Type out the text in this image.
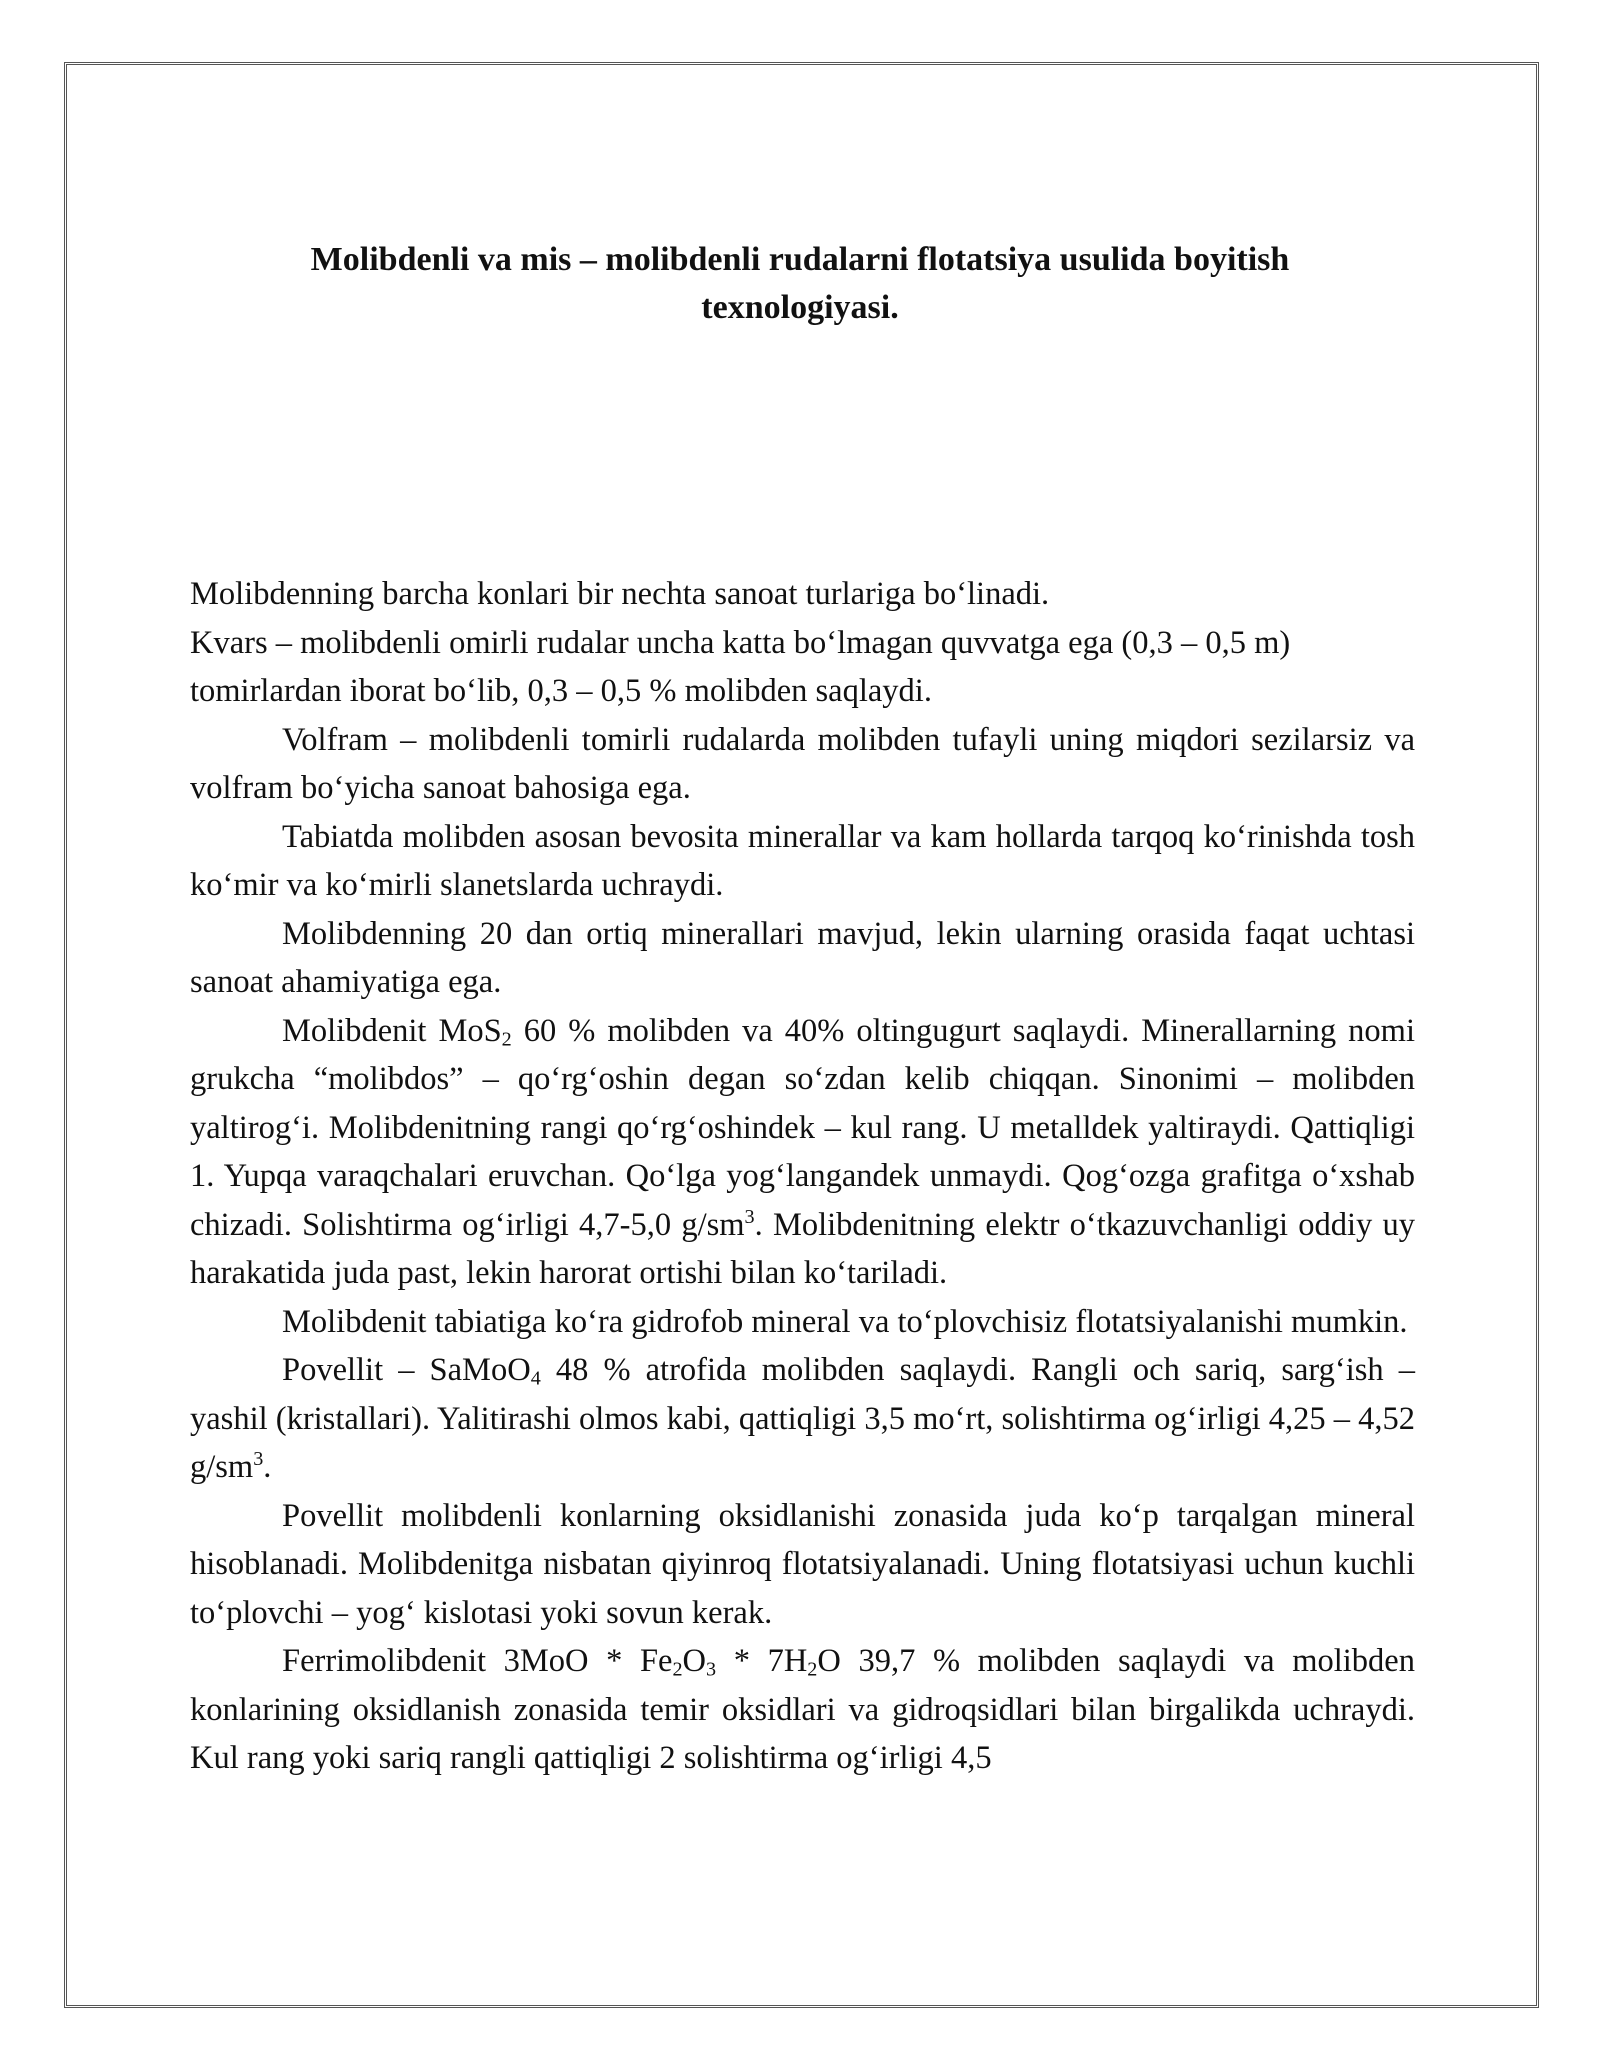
Molibdenli va mis – molibdenli rudalarni flotatsiya usulida boyitish texnologiyasi.

Molibdenning barcha konlari bir nechta sanoat turlariga bo‘linadi.

Kvars – molibdenli omirli rudalar uncha katta bo‘lmagan quvvatga ega (0,3 – 0,5 m) tomirlardan iborat bo‘lib, 0,3 – 0,5 % molibden saqlaydi.

Volfram – molibdenli tomirli rudalarda molibden tufayli uning miqdori sezilarsiz va volfram bo‘yicha sanoat bahosiga ega.

Tabiatda molibden asosan bevosita minerallar va kam hollarda tarqoq ko‘rinishda tosh ko‘mir va ko‘mirli slanetslarda uchraydi.

Molibdenning 20 dan ortiq minerallari mavjud, lekin ularning orasida faqat uchtasi sanoat ahamiyatiga ega.

Molibdenit MoS$_2$ 60 % molibden va 40% oltingugurt saqlaydi. Minerallarning nomi grukcha “molibdos” – qo‘rg‘oshin degan so‘zdan kelib chiqqan. Sinonimi – molibden yaltirog‘i. Molibdenitning rangi qo‘rg‘oshindek – kul rang. U metalldek yaltiraydi. Qattiqligi 1. Yupqa varaqchalari eruvchan. Qo‘lga yog‘langandek unmaydi. Qog‘ozga grafitga o‘xshab chizadi. Solishtirma og‘irligi 4,7-5,0 $g/sm^3$. Molibdenitning elektr o‘tkazuvchanligi oddiy uy harakatida juda past, lekin harorat ortishi bilan ko‘tariladi.

Molibdenit tabiatiga ko‘ra gidrofob mineral va to‘plovchisiz flotatsiyalanishi mumkin.

Povellit – SaMoO$_4$ 48 % atrofida molibden saqlaydi. Rangli och sariq, sarg‘ish – yashil (kristallari). Yalitirashi olmos kabi, qattiqligi 3,5 mo‘rt, solishtirma og‘irligi 4,25 – 4,52 $g/sm^3$.

Povellit molibdenli konlarning oksidlanishi zonasida juda ko‘p tarqalgan mineral hisoblanadi. Molibdenitga nisbatan qiyinroq flotatsiyalanadi. Uning flotatsiyasi uchun kuchli to‘plovchi – yog‘ kislotasi yoki sovun kerak.

Ferrimolibdenit $3MoO * Fe_2O_3 * 7H_2O$ 39,7 % molibden saqlaydi va molibden konlarining oksidlanish zonasida temir oksidlari va gidroqsidlari bilan birgalikda uchraydi. Kul rang yoki sariq rangli qattiqligi 2 solishtirma og‘irligi 4,5
